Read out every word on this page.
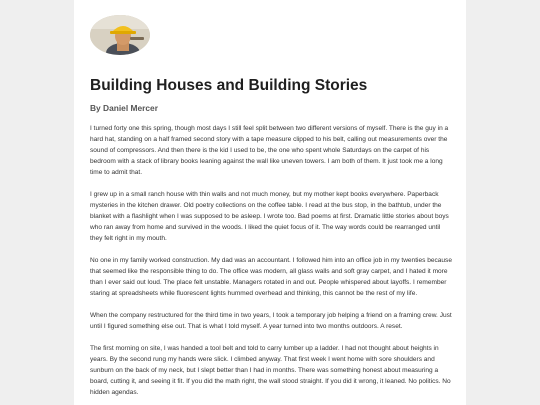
Building Houses and Building Stories
By Daniel Mercer

I turned forty one this spring, though most days I still feel split between two different versions of myself. There is the guy in a hard hat, standing on a half framed second story with a tape measure clipped to his belt, calling out measurements over the sound of compressors. And then there is the kid I used to be, the one who spent whole Saturdays on the carpet of his bedroom with a stack of library books leaning against the wall like uneven towers. I am both of them. It just took me a long time to admit that.

I grew up in a small ranch house with thin walls and not much money, but my mother kept books everywhere. Paperback mysteries in the kitchen drawer. Old poetry collections on the coffee table. I read at the bus stop, in the bathtub, under the blanket with a flashlight when I was supposed to be asleep. I wrote too. Bad poems at first. Dramatic little stories about boys who ran away from home and survived in the woods. I liked the quiet focus of it. The way words could be rearranged until they felt right in my mouth.

No one in my family worked construction. My dad was an accountant. I followed him into an office job in my twenties because that seemed like the responsible thing to do. The office was modern, all glass walls and soft gray carpet, and I hated it more than I ever said out loud. The place felt unstable. Managers rotated in and out. People whispered about layoffs. I remember staring at spreadsheets while fluorescent lights hummed overhead and thinking, this cannot be the rest of my life.

When the company restructured for the third time in two years, I took a temporary job helping a friend on a framing crew. Just until I figured something else out. That is what I told myself. A year turned into two months outdoors. A reset.

The first morning on site, I was handed a tool belt and told to carry lumber up a ladder. I had not thought about heights in years. By the second rung my hands were slick. I climbed anyway. That first week I went home with sore shoulders and sunburn on the back of my neck, but I slept better than I had in months. There was something honest about measuring a board, cutting it, and seeing it fit. If you did the math right, the wall stood straight. If you did it wrong, it leaned. No politics. No hidden agendas.
